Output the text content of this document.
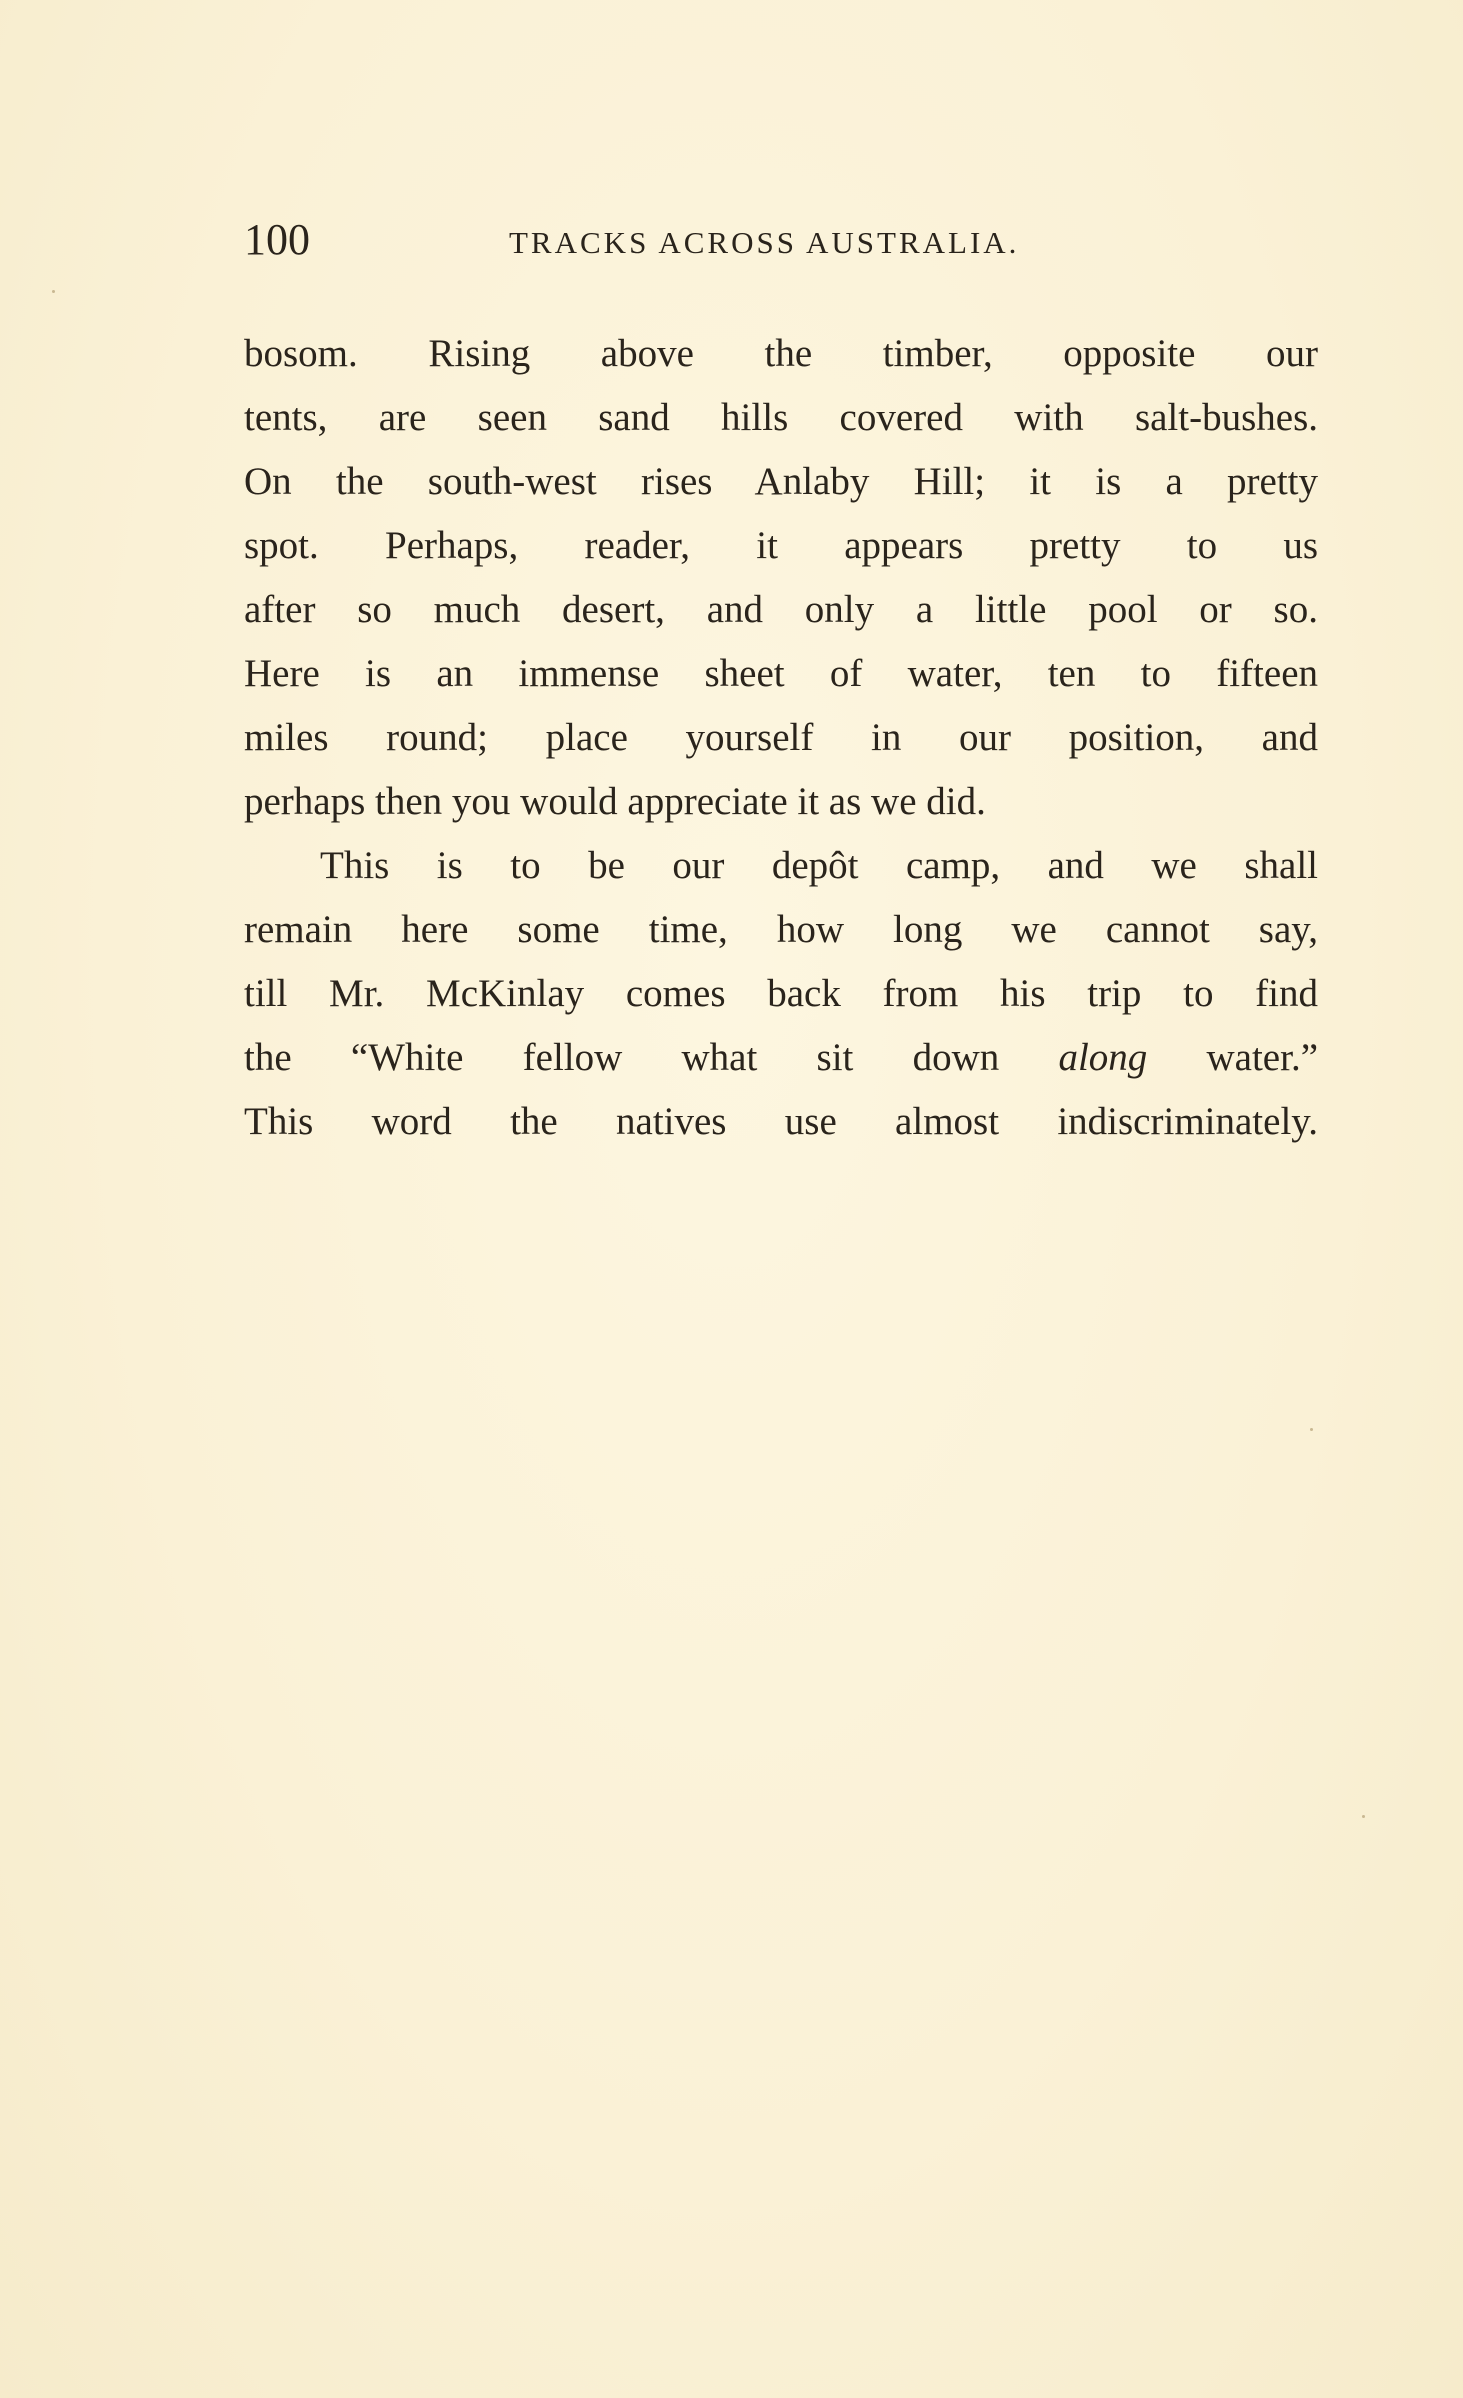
100	TRACKS ACROSS AUSTRALIA.
bosom. Rising above the timber, opposite our
tents, are seen sand hills covered with salt-bushes.
On the south-west rises Anlaby Hill; it is a pretty
spot. Perhaps, reader, it appears pretty to us
after so much desert, and only a little pool or so.
Here is an immense sheet of water, ten to fifteen
miles round; place yourself in our position, and
perhaps then you would appreciate it as we did.
This is to be our depôt camp, and we shall
remain here some time, how long we cannot say,
till Mr. McKinlay comes back from his trip to find
the “White fellow what sit down along water.”
This word the natives use almost indiscriminately.
